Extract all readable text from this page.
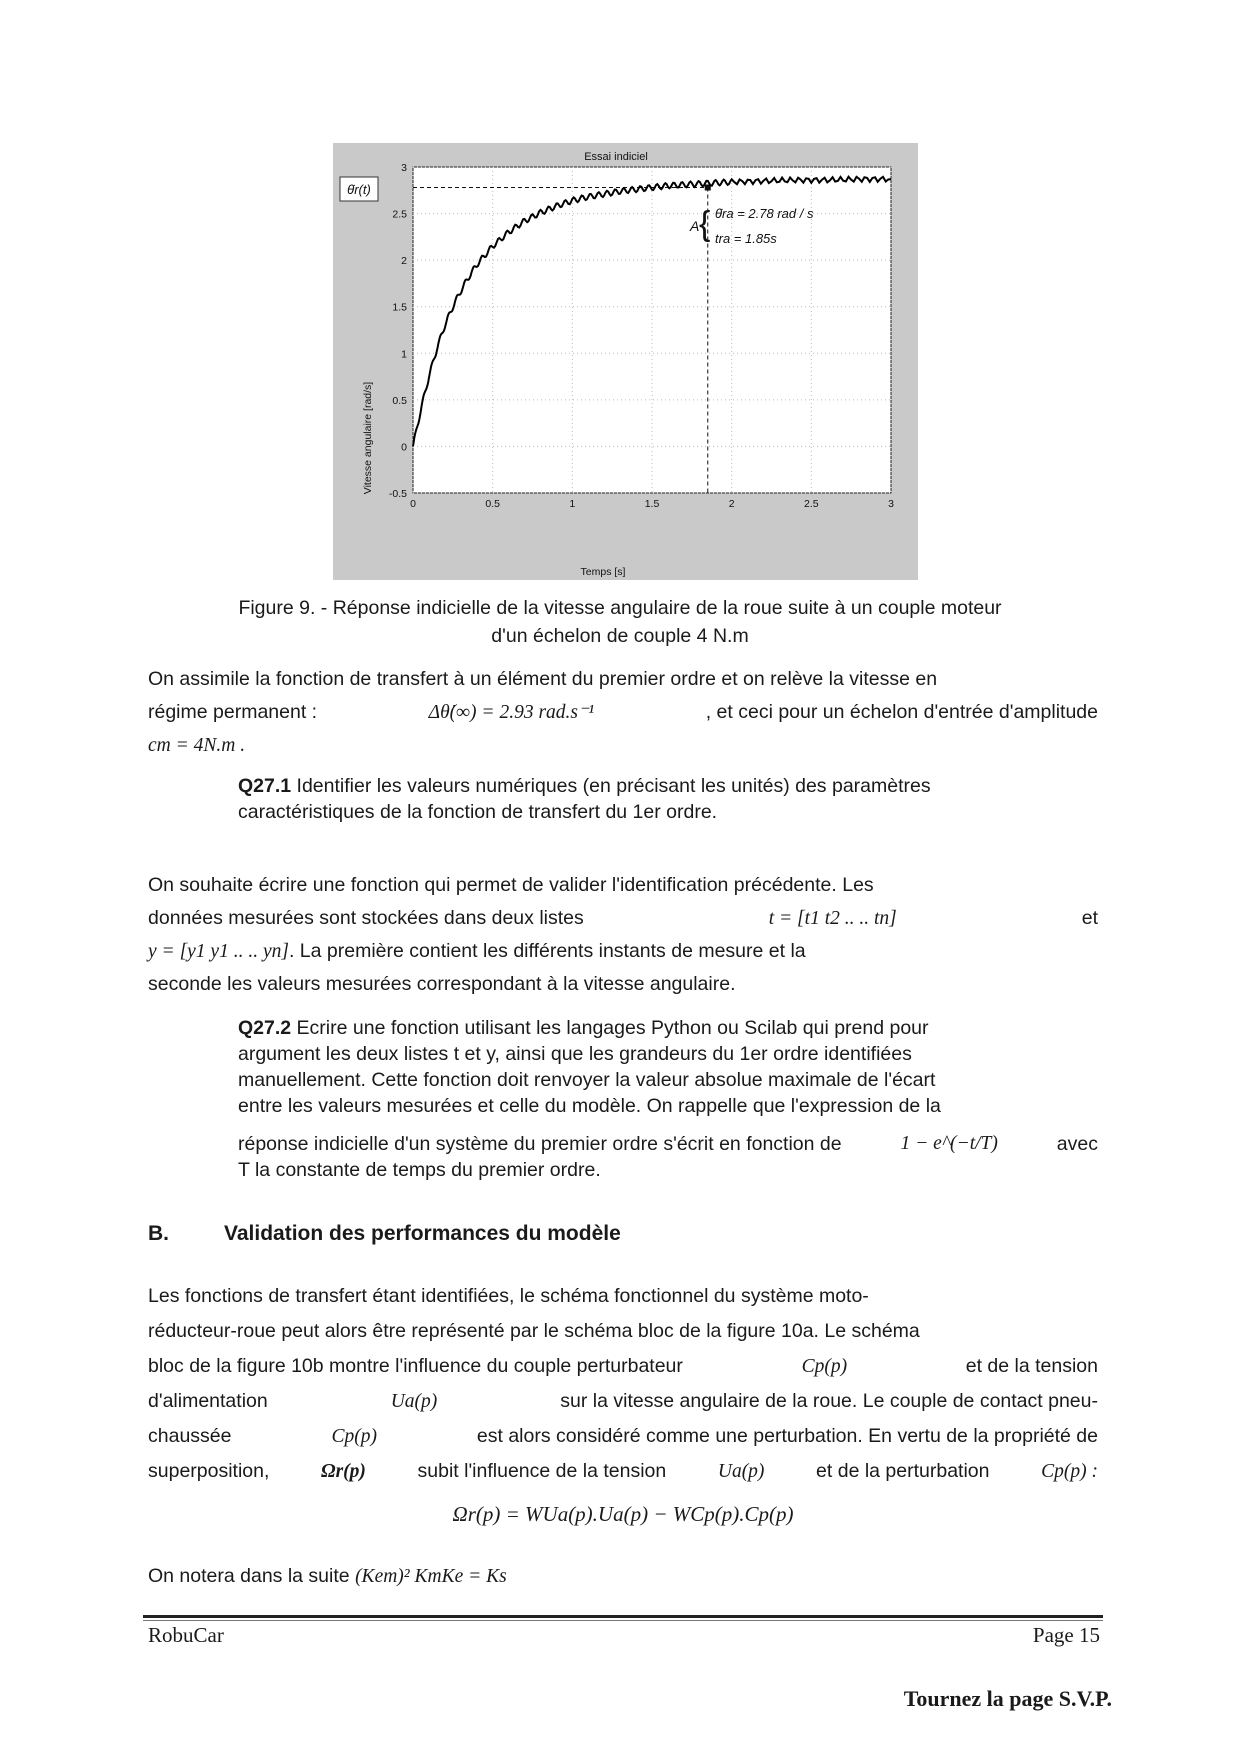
0	0.5	1	1.5	2	2.5	3
3
2.5
2
1.5
1
0.5
0
-0.5
Essai indiciel
Temps [s]
Vitesse angulaire [rad/s]
θ̇r(t)
A { θ̇ra = 2.78 rad / s
tra = 1.85s
Figure 9. - Réponse indicielle de la vitesse angulaire de la roue suite à un couple moteur
d'un échelon de couple 4 N.m
On assimile la fonction de transfert à un élément du premier ordre et on relève la vitesse en
régime permanent :	Δθ̇(∞) = 2.93 rad.s⁻¹	, et ceci pour un échelon d'entrée d'amplitude
cm = 4N.m .
Q27.1 Identifier les valeurs numériques (en précisant les unités) des paramètres
caractéristiques de la fonction de transfert du 1er ordre.
On souhaite écrire une fonction qui permet de valider l'identification précédente. Les
données mesurées sont stockées dans deux listes	t = [t1 t2 .. .. tn]	et
y = [y1 y1 .. .. yn]. La première contient les différents instants de mesure et la
seconde les valeurs mesurées correspondant à la vitesse angulaire.
Q27.2 Ecrire une fonction utilisant les langages Python ou Scilab qui prend pour
argument les deux listes t et y, ainsi que les grandeurs du 1er ordre identifiées
manuellement. Cette fonction doit renvoyer la valeur absolue maximale de l'écart
entre les valeurs mesurées et celle du modèle. On rappelle que l'expression de la
réponse indicielle d'un système du premier ordre s'écrit en fonction de	1 − e^(−t/T)	avec
T la constante de temps du premier ordre.
B.	Validation des performances du modèle
Les fonctions de transfert étant identifiées, le schéma fonctionnel du système moto-
réducteur-roue peut alors être représenté par le schéma bloc de la figure 10a. Le schéma
bloc de la figure 10b montre l'influence du couple perturbateur	Cp(p)	et de la tension
d'alimentation	Ua(p)	sur la vitesse angulaire de la roue. Le couple de contact pneu-
chaussée	Cp(p)	est alors considéré comme une perturbation. En vertu de la propriété de
superposition,	Ωr(p)	subit l'influence de la tension	Ua(p)	et de la perturbation	Cp(p) :
Ωr(p) = WUa(p).Ua(p) − WCp(p).Cp(p)
On notera dans la suite (Kem)² KmKe = Ks
RobuCar	Page 15
Tournez la page S.V.P.
